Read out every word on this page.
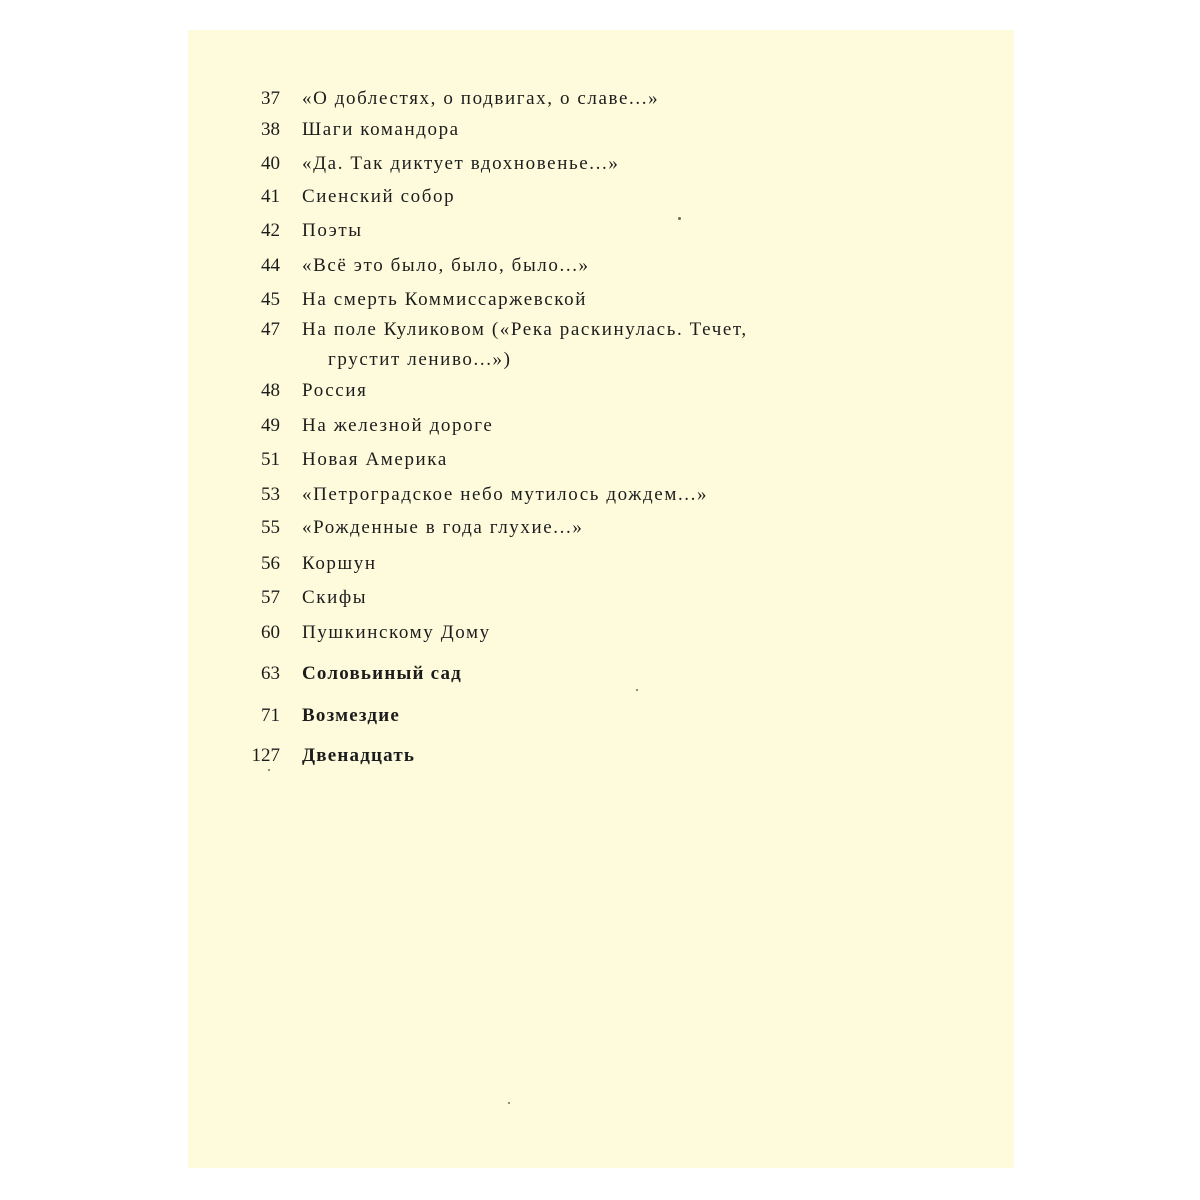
37 «О доблестях, о подвигах, о славе...»
38 Шаги командора
40 «Да. Так диктует вдохновенье...»
41 Сиенский собор
42 Поэты
44 «Всё это было, было, было...»
45 На смерть Коммиссаржевской
47 На поле Куликовом («Река раскинулась. Течет,
грустит лениво...»)
48 Россия
49 На железной дороге
51 Новая Америка
53 «Петроградское небо мутилось дождем...»
55 «Рожденные в года глухие...»
56 Коршун
57 Скифы
60 Пушкинскому Дому
63 Соловьиный сад
71 Возмездие
127 Двенадцать
